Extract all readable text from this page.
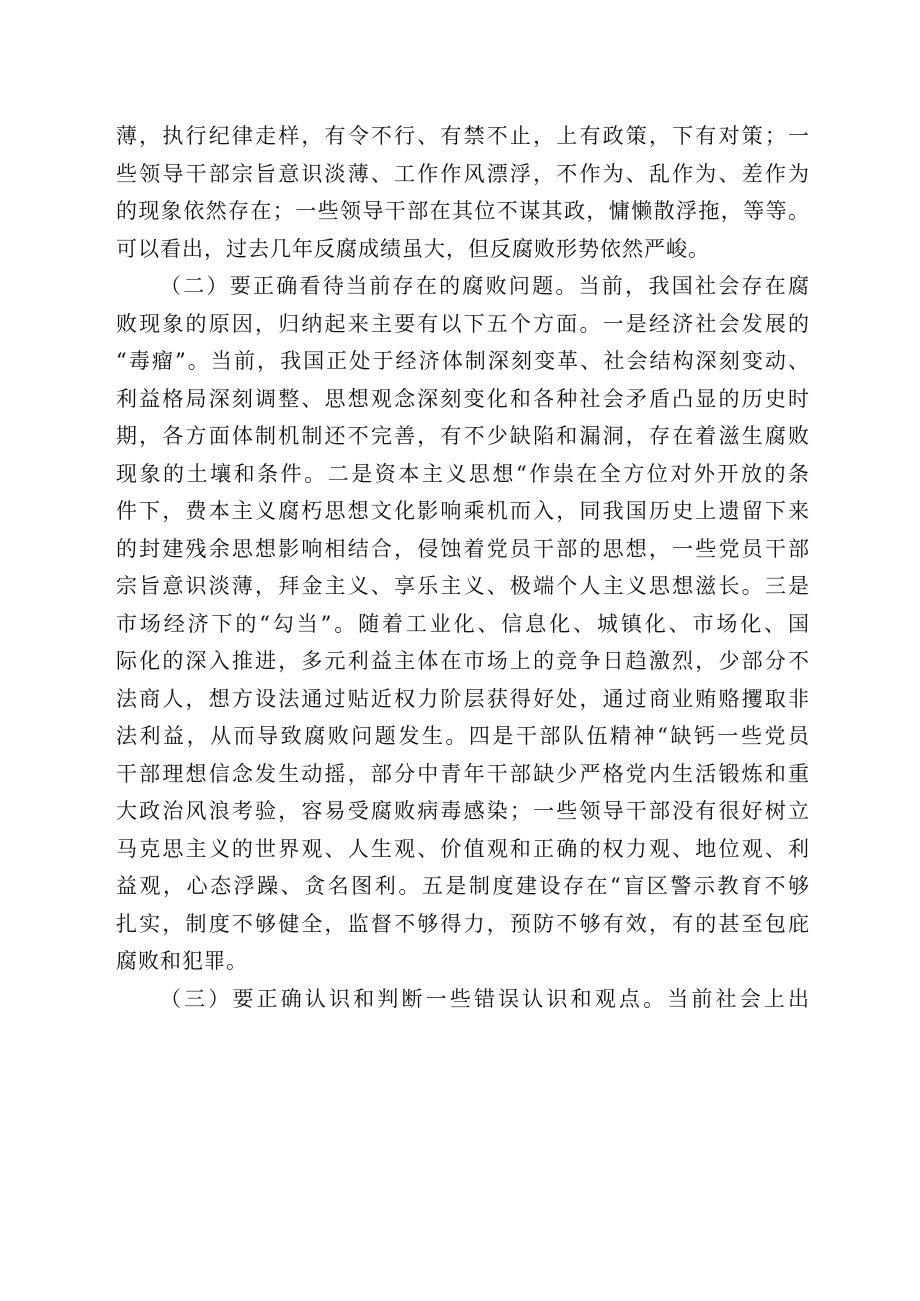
薄，执行纪律走样，有令不行、有禁不止，上有政策，下有对策；一
些领导干部宗旨意识淡薄、工作作风漂浮，不作为、乱作为、差作为
的现象依然存在；一些领导干部在其位不谋其政，慵懒散浮拖，等等。
可以看出，过去几年反腐成绩虽大，但反腐败形势依然严峻。
（二）要正确看待当前存在的腐败问题。当前，我国社会存在腐
败现象的原因，归纳起来主要有以下五个方面。一是经济社会发展的
“毒瘤”。当前，我国正处于经济体制深刻变革、社会结构深刻变动、
利益格局深刻调整、思想观念深刻变化和各种社会矛盾凸显的历史时
期，各方面体制机制还不完善，有不少缺陷和漏洞，存在着滋生腐败
现象的土壤和条件。二是资本主义思想“作祟在全方位对外开放的条
件下，费本主义腐朽思想文化影响乘机而入，同我国历史上遗留下来
的封建残余思想影响相结合，侵蚀着党员干部的思想，一些党员干部
宗旨意识淡薄，拜金主义、享乐主义、极端个人主义思想滋长。三是
市场经济下的“勾当”。随着工业化、信息化、城镇化、市场化、国
际化的深入推进，多元利益主体在市场上的竞争日趋激烈，少部分不
法商人，想方设法通过贴近权力阶层获得好处，通过商业贿赂攫取非
法利益，从而导致腐败问题发生。四是干部队伍精神“缺钙一些党员
干部理想信念发生动摇，部分中青年干部缺少严格党内生活锻炼和重
大政治风浪考验，容易受腐败病毒感染；一些领导干部没有很好树立
马克思主义的世界观、人生观、价值观和正确的权力观、地位观、利
益观，心态浮躁、贪名图利。五是制度建设存在“盲区警示教育不够
扎实，制度不够健全，监督不够得力，预防不够有效，有的甚至包庇
腐败和犯罪。
（三）要正确认识和判断一些错误认识和观点。当前社会上出
